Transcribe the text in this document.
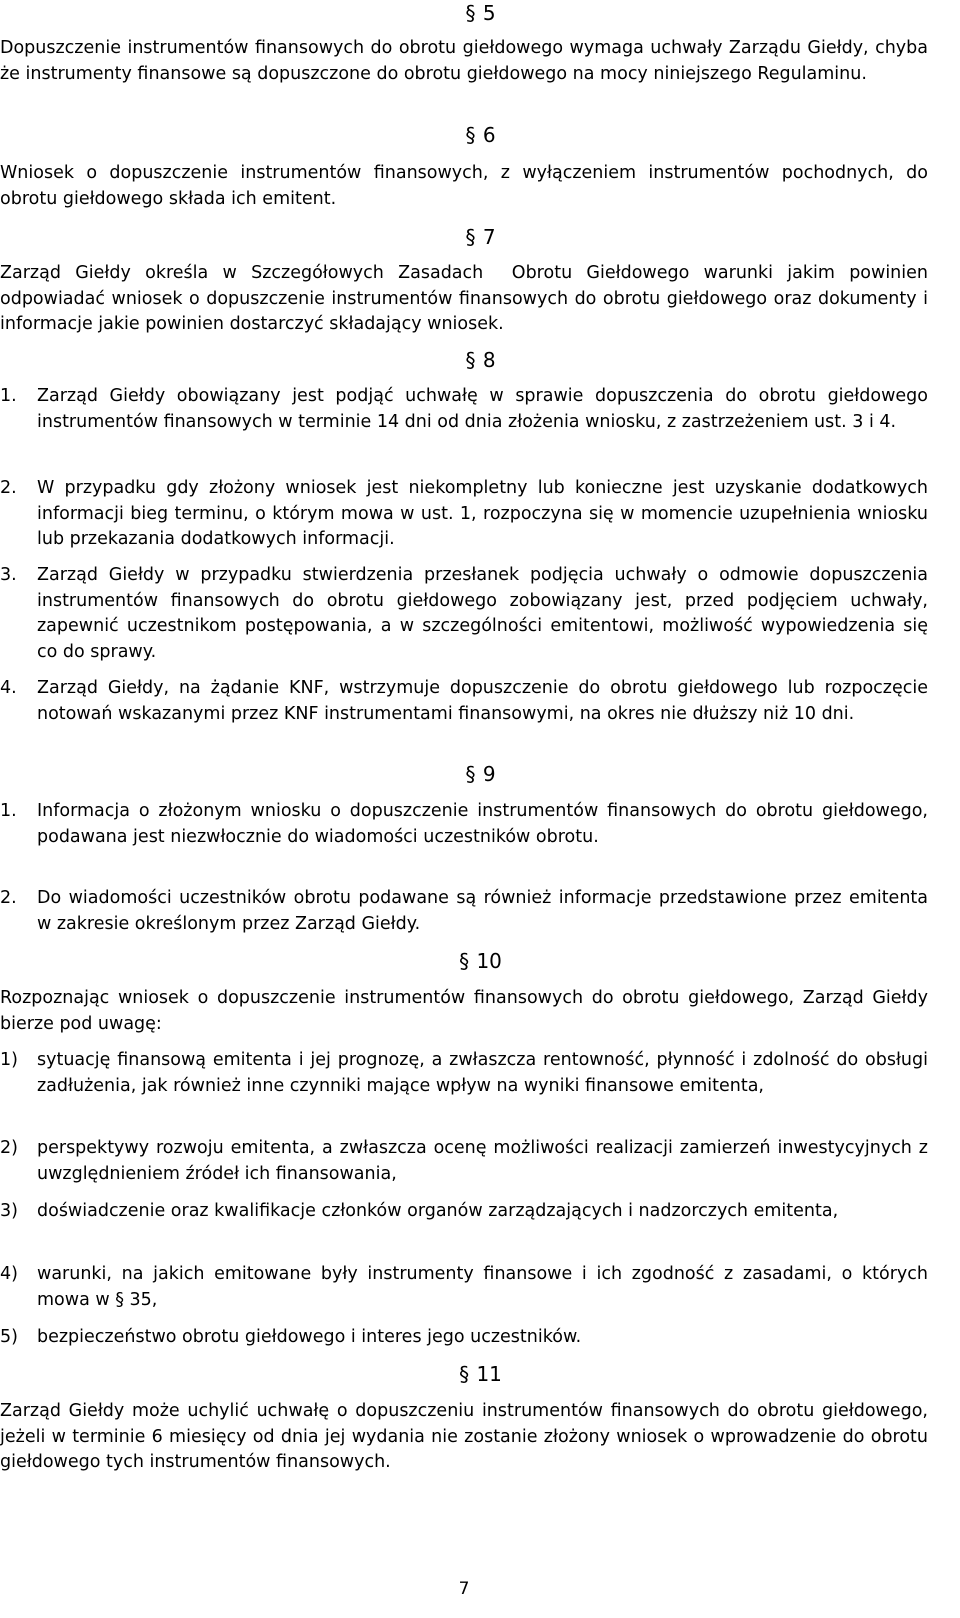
§ 5
Dopuszczenie instrumentów finansowych do obrotu giełdowego wymaga uchwały Zarządu Giełdy, chyba że instrumenty finansowe są dopuszczone do obrotu giełdowego na mocy niniejszego Regulaminu.
§ 6
Wniosek o dopuszczenie instrumentów finansowych, z wyłączeniem instrumentów pochodnych, do obrotu giełdowego składa ich emitent.
§ 7
Zarząd Giełdy określa w Szczegółowych Zasadach  Obrotu Giełdowego warunki jakim powinien odpowiadać wniosek o dopuszczenie instrumentów finansowych do obrotu giełdowego oraz dokumenty i informacje jakie powinien dostarczyć składający wniosek.
§ 8
1. Zarząd Giełdy obowiązany jest podjąć uchwałę w sprawie dopuszczenia do obrotu giełdowego instrumentów finansowych w terminie 14 dni od dnia złożenia wniosku, z zastrzeżeniem ust. 3 i 4.
2. W przypadku gdy złożony wniosek jest niekompletny lub konieczne jest uzyskanie dodatkowych informacji bieg terminu, o którym mowa w ust. 1, rozpoczyna się w momencie uzupełnienia wniosku lub przekazania dodatkowych informacji.
3. Zarząd Giełdy w przypadku stwierdzenia przesłanek podjęcia uchwały o odmowie dopuszczenia instrumentów finansowych do obrotu giełdowego zobowiązany jest, przed podjęciem uchwały, zapewnić uczestnikom postępowania, a w szczególności emitentowi, możliwość wypowiedzenia się co do sprawy.
4. Zarząd Giełdy, na żądanie KNF, wstrzymuje dopuszczenie do obrotu giełdowego lub rozpoczęcie notowań wskazanymi przez KNF instrumentami finansowymi, na okres nie dłuższy niż 10 dni.
§ 9
1. Informacja o złożonym wniosku o dopuszczenie instrumentów finansowych do obrotu giełdowego, podawana jest niezwłocznie do wiadomości uczestników obrotu.
2. Do wiadomości uczestników obrotu podawane są również informacje przedstawione przez emitenta w zakresie określonym przez Zarząd Giełdy.
§ 10
Rozpoznając wniosek o dopuszczenie instrumentów finansowych do obrotu giełdowego, Zarząd Giełdy bierze pod uwagę:
1) sytuację finansową emitenta i jej prognozę, a zwłaszcza rentowność, płynność i zdolność do obsługi zadłużenia, jak również inne czynniki mające wpływ na wyniki finansowe emitenta,
2) perspektywy rozwoju emitenta, a zwłaszcza ocenę możliwości realizacji zamierzeń inwestycyjnych z uwzględnieniem źródeł ich finansowania,
3) doświadczenie oraz kwalifikacje członków organów zarządzających i nadzorczych emitenta,
4) warunki, na jakich emitowane były instrumenty finansowe i ich zgodność z zasadami, o których mowa w § 35,
5) bezpieczeństwo obrotu giełdowego i interes jego uczestników.
§ 11
Zarząd Giełdy może uchylić uchwałę o dopuszczeniu instrumentów finansowych do obrotu giełdowego, jeżeli w terminie 6 miesięcy od dnia jej wydania nie zostanie złożony wniosek o wprowadzenie do obrotu giełdowego tych instrumentów finansowych.
7
